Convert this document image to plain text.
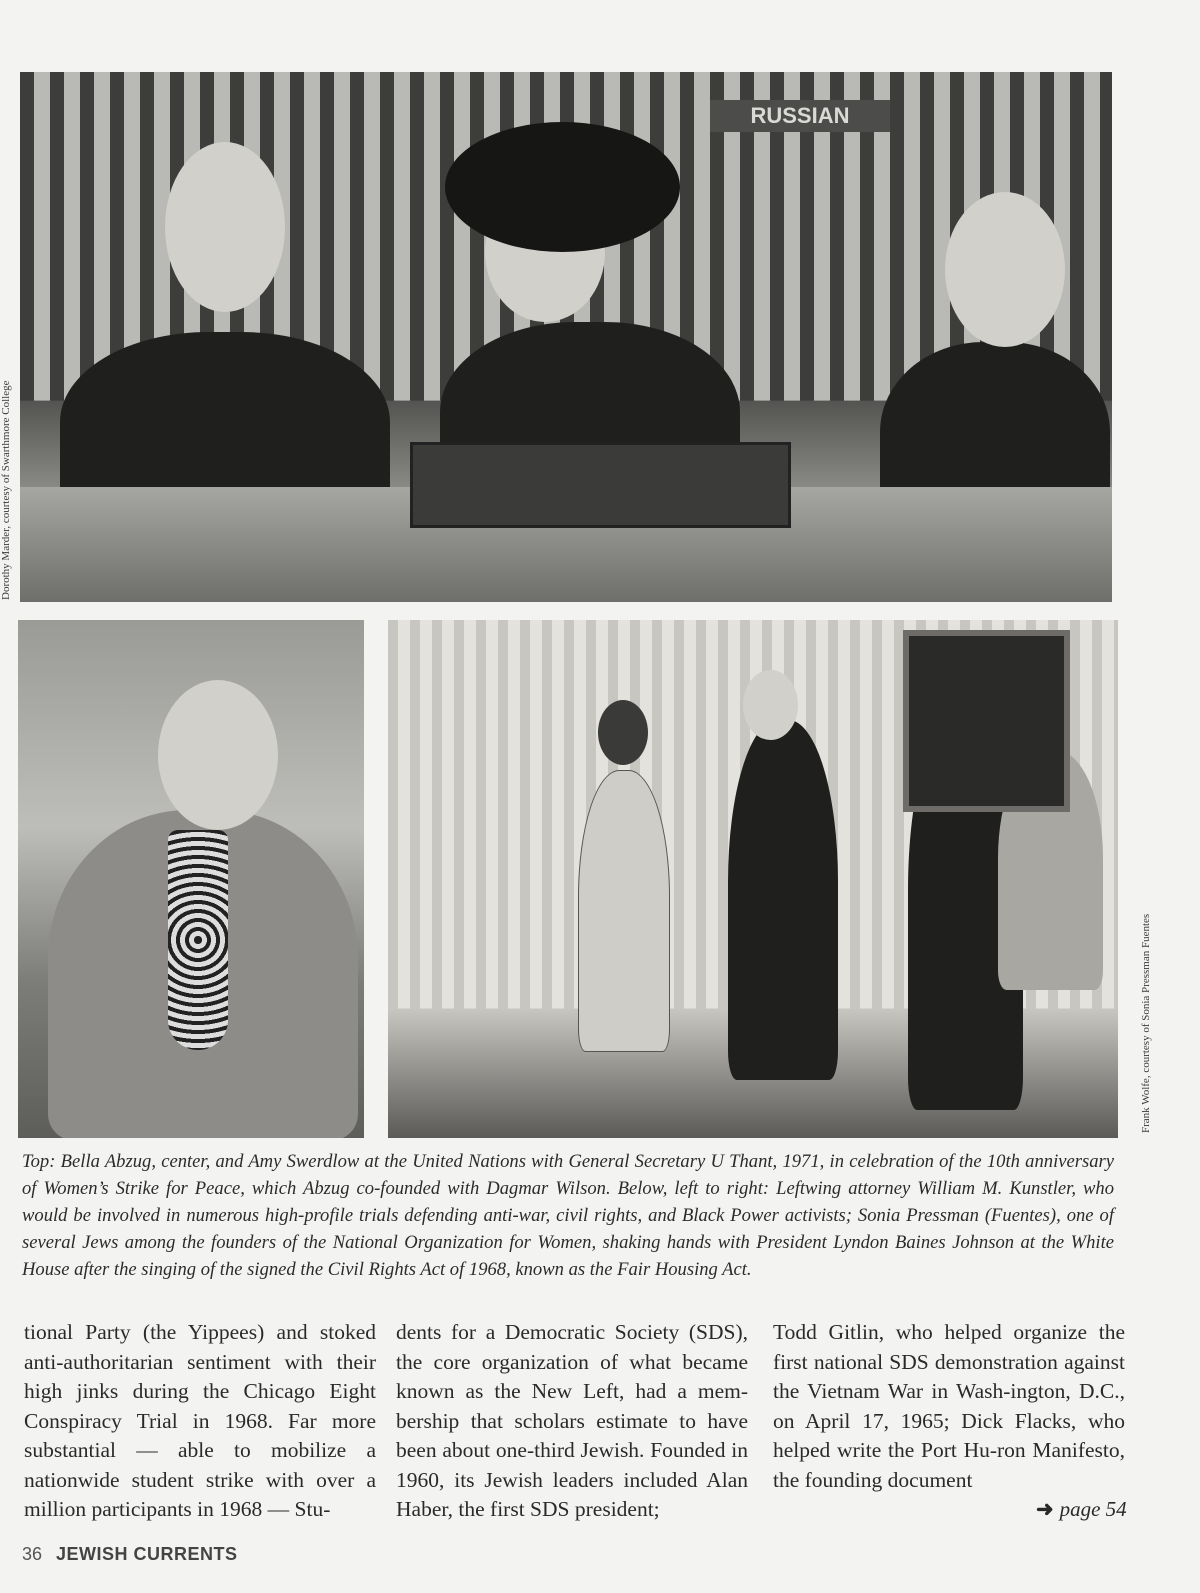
RUSSIAN
Dorothy Marder, courtesy of Swarthmore College
Frank Wolfe, courtesy of Sonia Pressman Fuentes
Top: Bella Abzug, center, and Amy Swerdlow at the United Nations with General Secretary U Thant, 1971, in celebration of the 10th anniversary of Women’s Strike for Peace, which Abzug co-founded with Dagmar Wilson. Below, left to right: Leftwing attorney William M. Kunstler, who would be involved in numerous high-profile trials defending anti-war, civil rights, and Black Power activists; Sonia Pressman (Fuentes), one of several Jews among the founders of the National Organization for Women, shaking hands with President Lyndon Baines Johnson at the White House after the singing of the signed the Civil Rights Act of 1968, known as the Fair Housing Act.
tional Party (the Yippees) and stoked anti-authoritarian sentiment with their high jinks during the Chicago Eight Conspiracy Trial in 1968. Far more substantial — able to mobilize a nationwide student strike with over a million participants in 1968 — Stu-
dents for a Democratic Society (SDS), the core organization of what became known as the New Left, had a mem-bership that scholars estimate to have been about one-third Jewish. Founded in 1960, its Jewish leaders included Alan Haber, the first SDS president;
Todd Gitlin, who helped organize the first national SDS demonstration against the Vietnam War in Wash-ington, D.C., on April 17, 1965; Dick Flacks, who helped write the Port Hu-ron Manifesto, the founding document
➜ page 54
36 JEWISH CURRENTS
